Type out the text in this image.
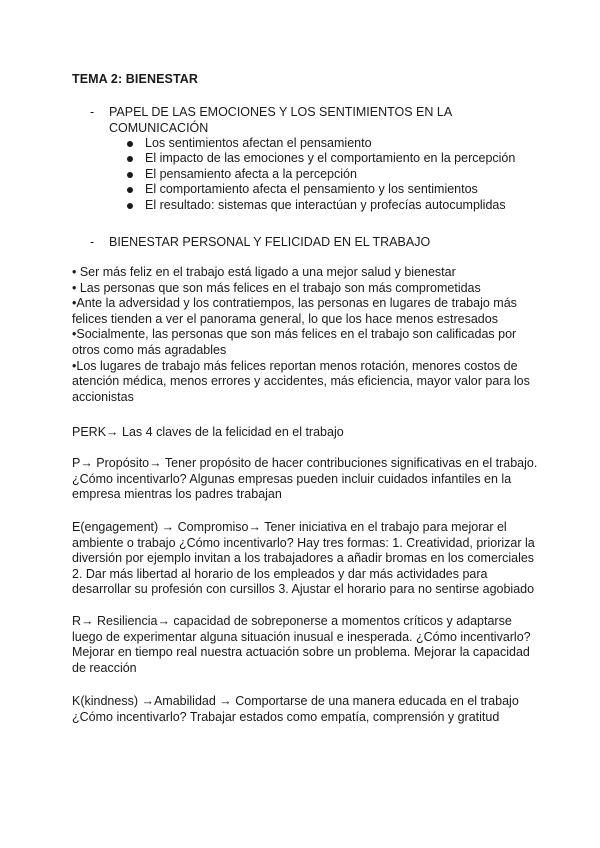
TEMA 2: BIENESTAR
- PAPEL DE LAS EMOCIONES Y LOS SENTIMIENTOS EN LA
COMUNICACIÓN
Los sentimientos afectan el pensamiento
El impacto de las emociones y el comportamiento en la percepción
El pensamiento afecta a la percepción
El comportamiento afecta el pensamiento y los sentimientos
El resultado: sistemas que interactúan y profecías autocumplidas
- BIENESTAR PERSONAL Y FELICIDAD EN EL TRABAJO
• Ser más feliz en el trabajo está ligado a una mejor salud y bienestar
• Las personas que son más felices en el trabajo son más comprometidas
•Ante la adversidad y los contratiempos, las personas en lugares de trabajo más
felices tienden a ver el panorama general, lo que los hace menos estresados
•Socialmente, las personas que son más felices en el trabajo son calificadas por
otros como más agradables
•Los lugares de trabajo más felices reportan menos rotación, menores costos de
atención médica, menos errores y accidentes, más eficiencia, mayor valor para los
accionistas
PERK→ Las 4 claves de la felicidad en el trabajo
P→ Propósito→ Tener propósito de hacer contribuciones significativas en el trabajo.
¿Cómo incentivarlo? Algunas empresas pueden incluir cuidados infantiles en la
empresa mientras los padres trabajan
E(engagement) → Compromiso→ Tener iniciativa en el trabajo para mejorar el
ambiente o trabajo ¿Cómo incentivarlo? Hay tres formas: 1. Creatividad, priorizar la
diversión por ejemplo invitan a los trabajadores a añadir bromas en los comerciales
2. Dar más libertad al horario de los empleados y dar más actividades para
desarrollar su profesión con cursillos 3. Ajustar el horario para no sentirse agobiado
R→ Resiliencia→ capacidad de sobreponerse a momentos críticos y adaptarse
luego de experimentar alguna situación inusual e inesperada. ¿Cómo incentivarlo?
Mejorar en tiempo real nuestra actuación sobre un problema. Mejorar la capacidad
de reacción
K(kindness) →Amabilidad → Comportarse de una manera educada en el trabajo
¿Cómo incentivarlo? Trabajar estados como empatía, comprensión y gratitud
